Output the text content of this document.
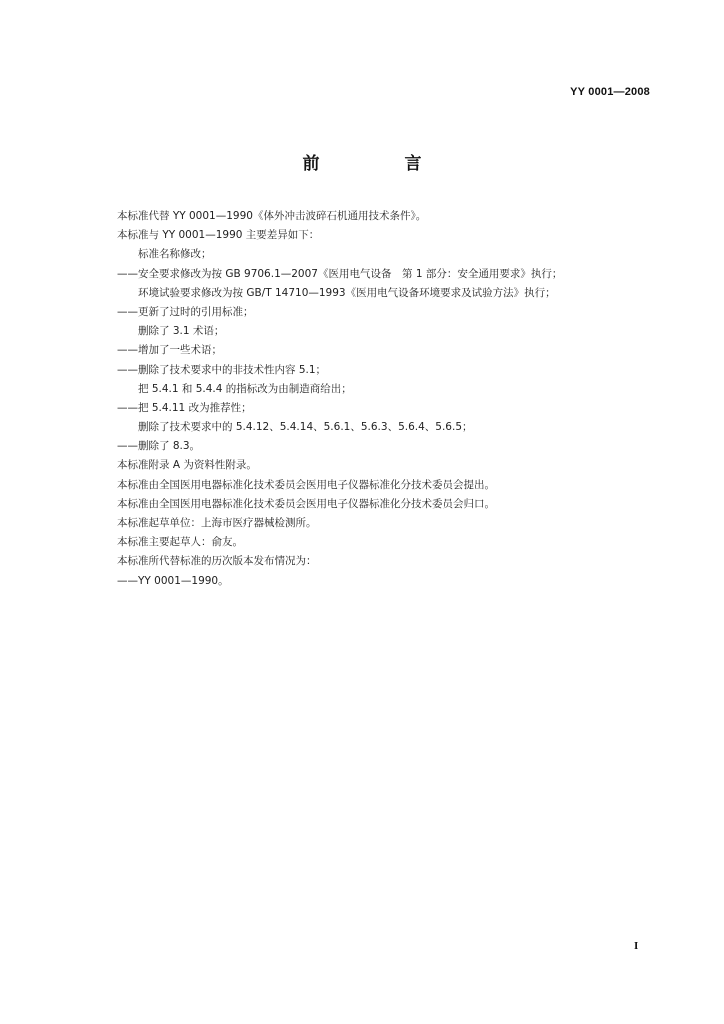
YY 0001—2008
前　言
本标准代替 YY 0001—1990《体外冲击波碎石机通用技术条件》。
本标准与 YY 0001—1990 主要差异如下：
标准名称修改；
——安全要求修改为按 GB 9706.1—2007《医用电气设备　第 1 部分：安全通用要求》执行；
环境试验要求修改为按 GB/T 14710—1993《医用电气设备环境要求及试验方法》执行；
——更新了过时的引用标准；
删除了 3.1 术语；
——增加了一些术语；
——删除了技术要求中的非技术性内容 5.1；
把 5.4.1 和 5.4.4 的指标改为由制造商给出；
——把 5.4.11 改为推荐性；
删除了技术要求中的 5.4.12、5.4.14、5.6.1、5.6.3、5.6.4、5.6.5；
——删除了 8.3。
本标准附录 A 为资料性附录。
本标准由全国医用电器标准化技术委员会医用电子仪器标准化分技术委员会提出。
本标准由全国医用电器标准化技术委员会医用电子仪器标准化分技术委员会归口。
本标准起草单位：上海市医疗器械检测所。
本标准主要起草人：俞友。
本标准所代替标准的历次版本发布情况为：
——YY 0001—1990。
I
